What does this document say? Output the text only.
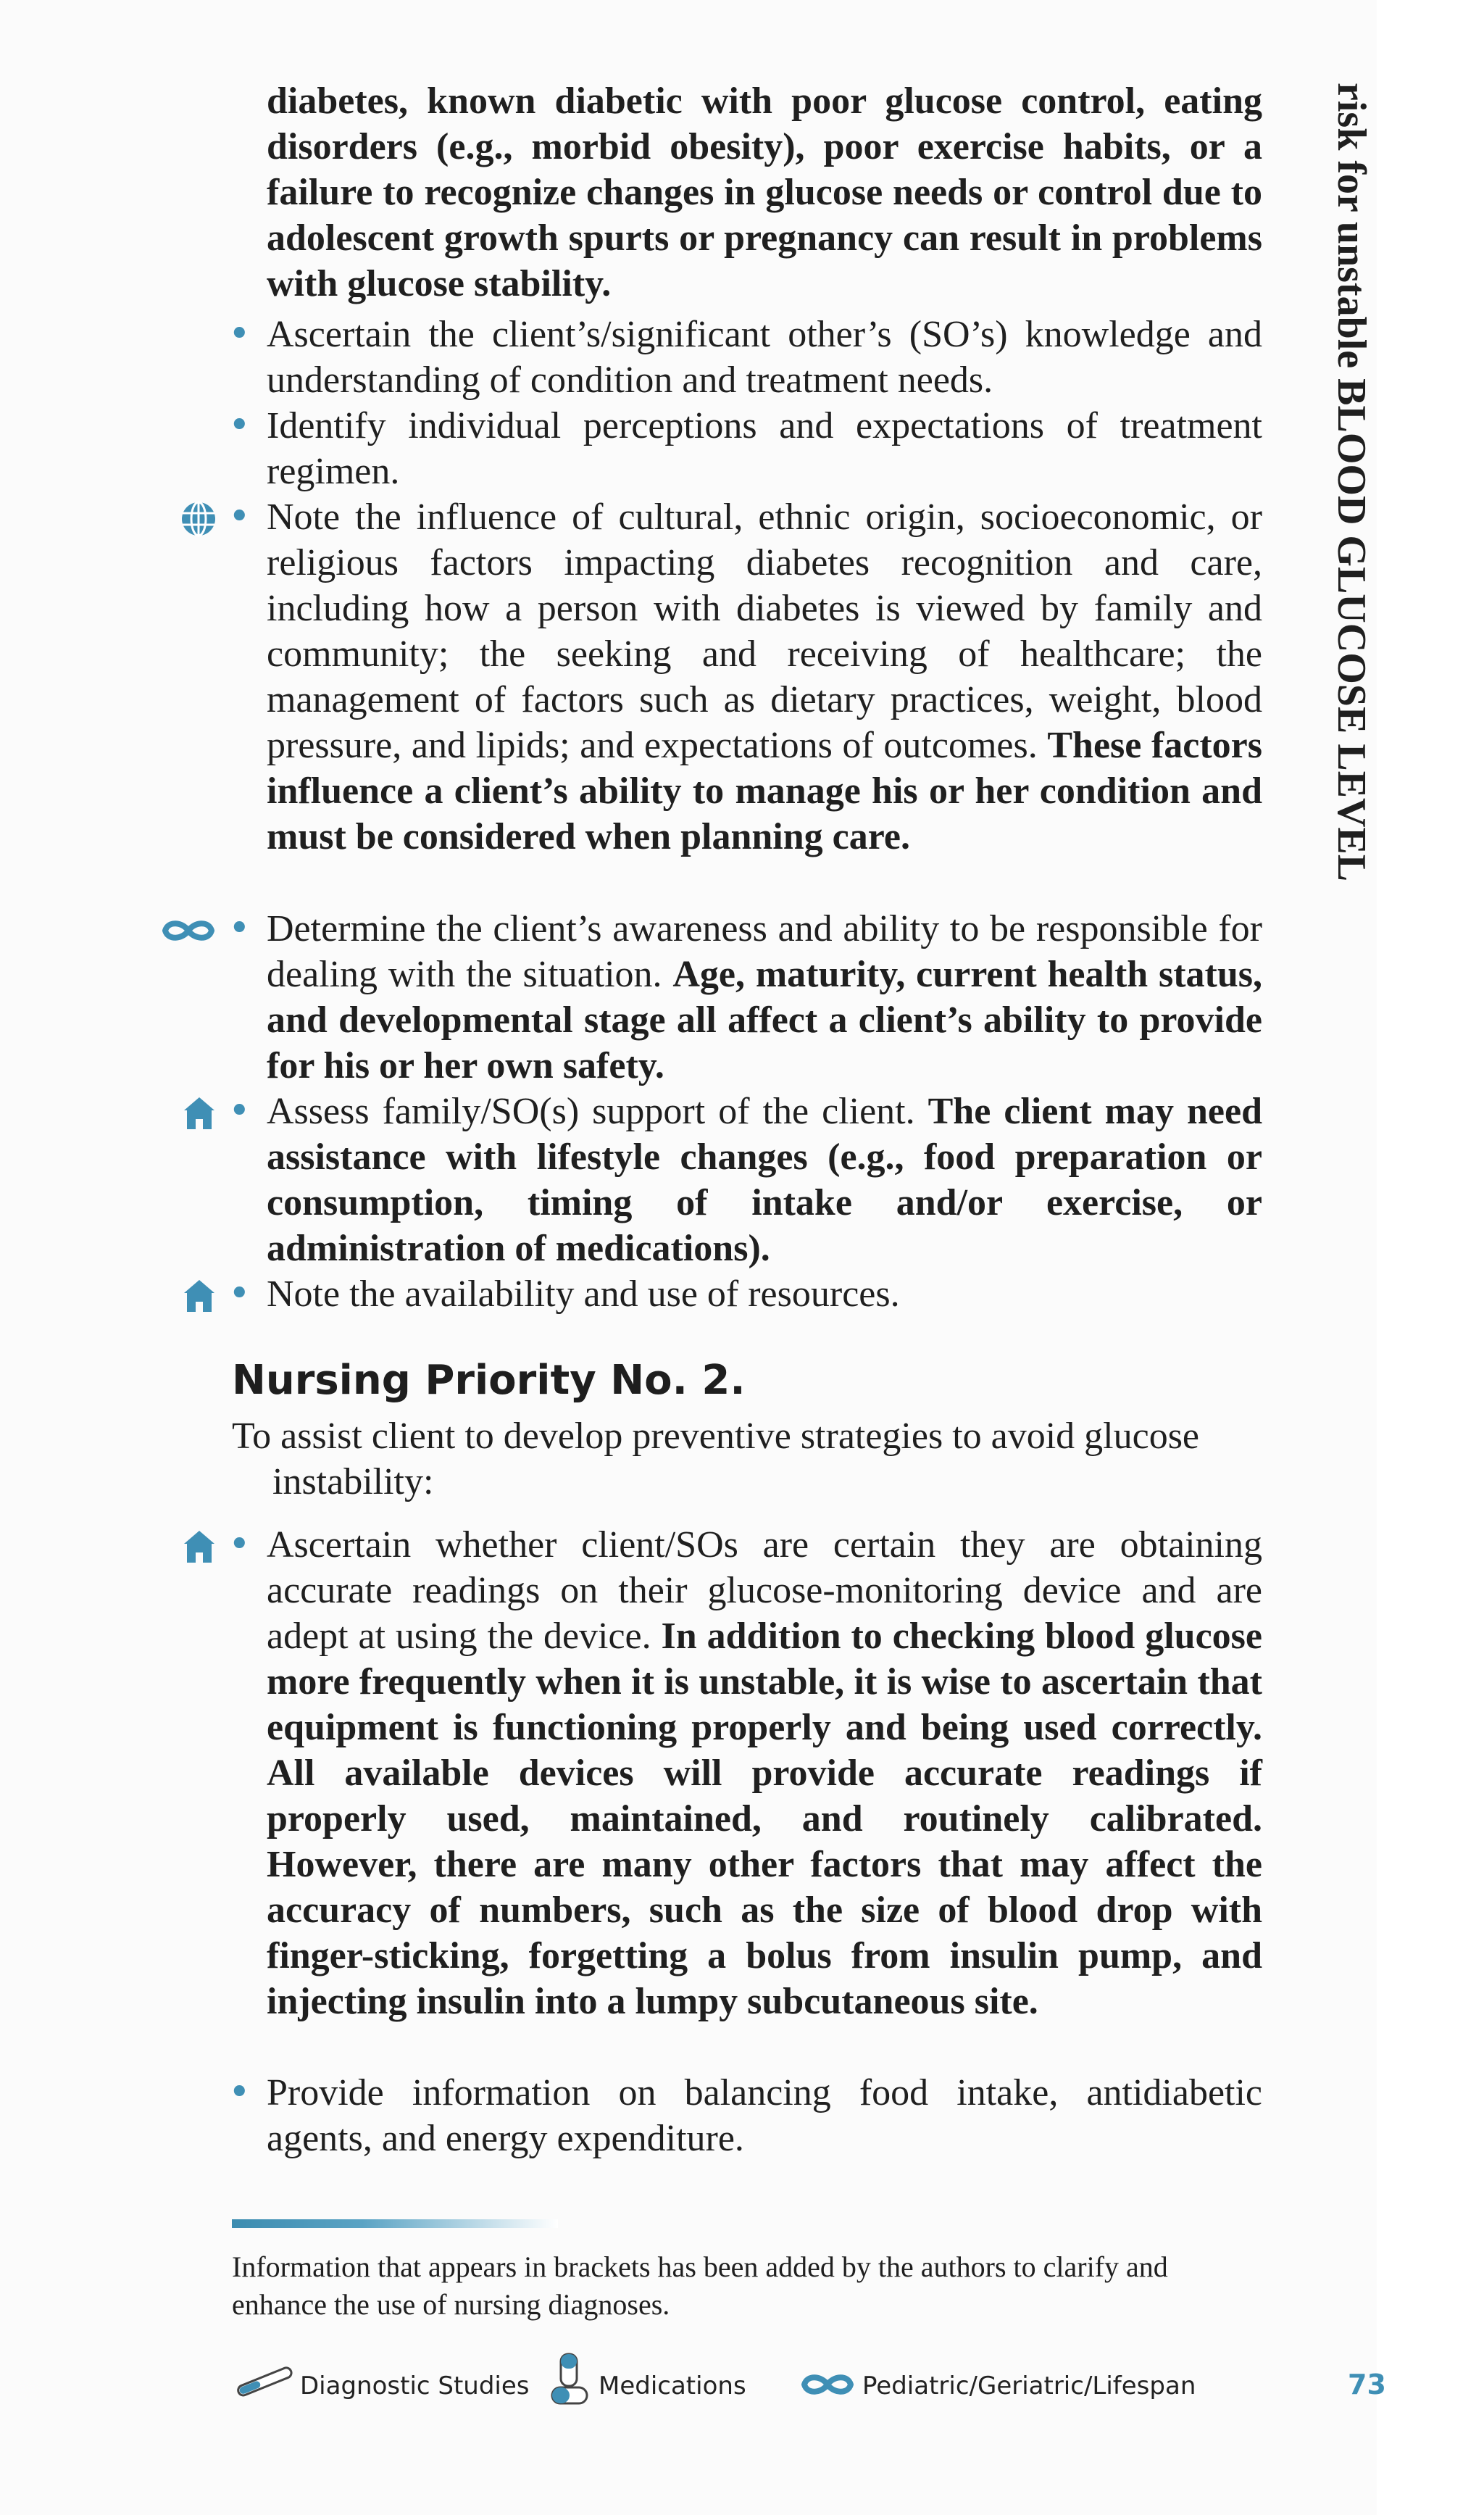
diabetes, known diabetic with poor glucose control, eating disorders (e.g., morbid obesity), poor exercise habits, or a failure to recognize changes in glucose needs or control due to adolescent growth spurts or pregnancy can result in problems with glucose stability.

• Ascertain the client’s/significant other’s (SO’s) knowledge and understanding of condition and treatment needs.

• Identify individual perceptions and expectations of treatment regimen.

• Note the influence of cultural, ethnic origin, socioeconomic, or religious factors impacting diabetes recognition and care, including how a person with diabetes is viewed by family and community; the seeking and receiving of healthcare; the management of factors such as dietary practices, weight, blood pressure, and lipids; and expectations of outcomes. These factors influence a client’s ability to manage his or her condition and must be considered when planning care.

• Determine the client’s awareness and ability to be responsible for dealing with the situation. Age, maturity, current health status, and developmental stage all affect a client’s ability to provide for his or her own safety.

• Assess family/SO(s) support of the client. The client may need assistance with lifestyle changes (e.g., food preparation or consumption, timing of intake and/or exercise, or administration of medications).

• Note the availability and use of resources.

Nursing Priority No. 2.

To assist client to develop preventive strategies to avoid glucose
instability:

• Ascertain whether client/SOs are certain they are obtaining accurate readings on their glucose-monitoring device and are adept at using the device. In addition to checking blood glucose more frequently when it is unstable, it is wise to ascertain that equipment is functioning properly and being used correctly. All available devices will provide accurate readings if properly used, maintained, and routinely calibrated. However, there are many other factors that may affect the accuracy of numbers, such as the size of blood drop with finger-sticking, forgetting a bolus from insulin pump, and injecting insulin into a lumpy subcutaneous site.

• Provide information on balancing food intake, antidiabetic agents, and energy expenditure.

Information that appears in brackets has been added by the authors to clarify and enhance the use of nursing diagnoses.

Diagnostic Studies	Medications	Pediatric/Geriatric/Lifespan	73
risk for unstable BLOOD GLUCOSE LEVEL
